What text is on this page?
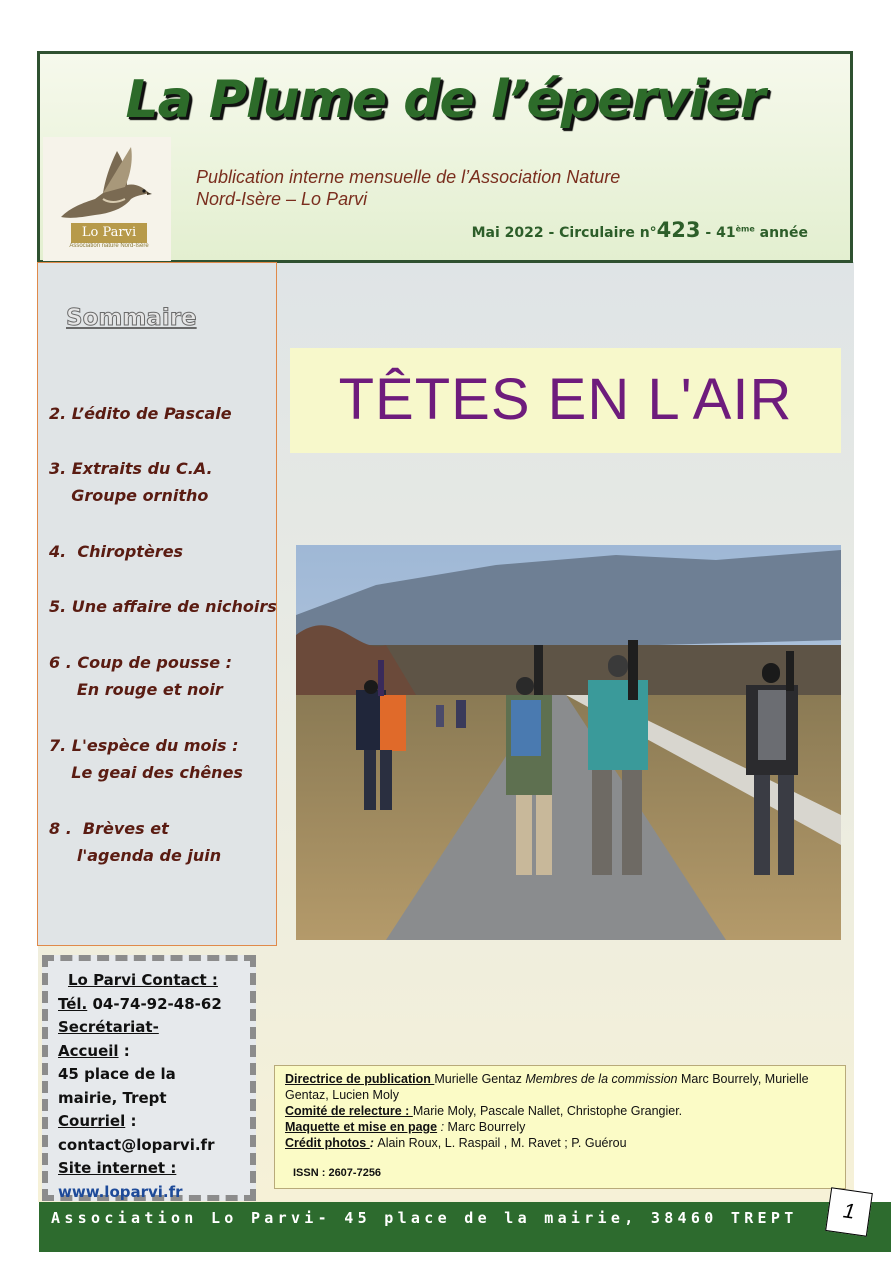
La Plume de l’épervier
Lo Parvi
Association nature Nord-Isère
Publication interne mensuelle de l’Association Nature
Nord-Isère – Lo Parvi
Mai 2022 - Circulaire n°423 - 41ème année
Sommaire
2. L’édito de Pascale
3. Extraits du C.A.
Groupe ornitho
4.  Chiroptères
5. Une affaire de nichoirs
6 . Coup de pousse :
En rouge et noir
7. L'espèce du mois :
Le geai des chênes
8 .  Brèves et
l'agenda de juin
Lo Parvi Contact :
Tél. 04-74-92-48-62
Secrétariat-
Accueil :
45 place de la
mairie, Trept
Courriel :
contact@loparvi.fr
Site internet :
www.loparvi.fr
TÊTES EN L'AIR
Directrice de publication Murielle Gentaz Membres de la commission Marc Bourrely, Murielle Gentaz, Lucien Moly
Comité de relecture : Marie Moly, Pascale Nallet, Christophe Grangier.
Maquette et mise en page : Marc Bourrely
Crédit photos : Alain Roux, L. Raspail , M. Ravet ; P. Guérou
ISSN : 2607-7256
Association Lo Parvi- 45 place de la mairie, 38460 TREPT	1
